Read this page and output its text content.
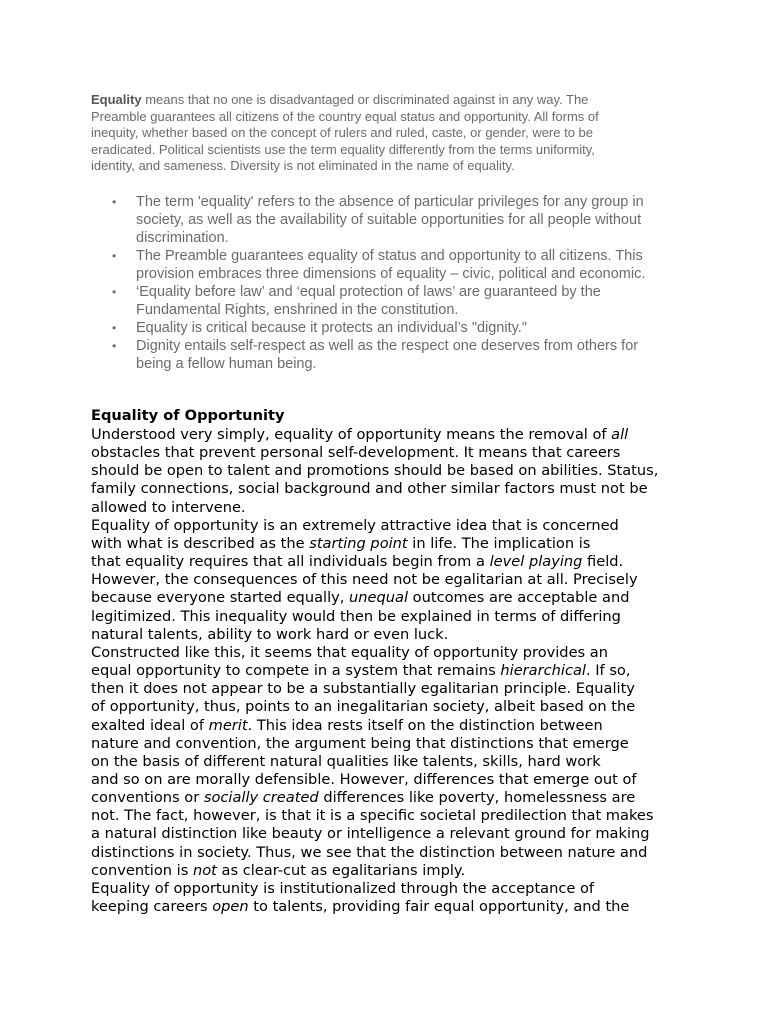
Equality means that no one is disadvantaged or discriminated against in any way. The
Preamble guarantees all citizens of the country equal status and opportunity. All forms of
inequity, whether based on the concept of rulers and ruled, caste, or gender, were to be
eradicated. Political scientists use the term equality differently from the terms uniformity,
identity, and sameness. Diversity is not eliminated in the name of equality.

• The term 'equality' refers to the absence of particular privileges for any group in
society, as well as the availability of suitable opportunities for all people without
discrimination.
• The Preamble guarantees equality of status and opportunity to all citizens. This
provision embraces three dimensions of equality – civic, political and economic.
• ‘Equality before law’ and ‘equal protection of laws’ are guaranteed by the
Fundamental Rights, enshrined in the constitution.
• Equality is critical because it protects an individual’s "dignity."
• Dignity entails self-respect as well as the respect one deserves from others for
being a fellow human being.
Equality of Opportunity

Understood very simply, equality of opportunity means the removal of all
obstacles that prevent personal self-development. It means that careers
should be open to talent and promotions should be based on abilities. Status,
family connections, social background and other similar factors must not be
allowed to intervene.

Equality of opportunity is an extremely attractive idea that is concerned
with what is described as the starting point in life. The implication is
that equality requires that all individuals begin from a level playing field.
However, the consequences of this need not be egalitarian at all. Precisely
because everyone started equally, unequal outcomes are acceptable and
legitimized. This inequality would then be explained in terms of differing
natural talents, ability to work hard or even luck.

Constructed like this, it seems that equality of opportunity provides an
equal opportunity to compete in a system that remains hierarchical. If so,
then it does not appear to be a substantially egalitarian principle. Equality
of opportunity, thus, points to an inegalitarian society, albeit based on the
exalted ideal of merit. This idea rests itself on the distinction between
nature and convention, the argument being that distinctions that emerge
on the basis of different natural qualities like talents, skills, hard work
and so on are morally defensible. However, differences that emerge out of
conventions or socially created differences like poverty, homelessness are
not. The fact, however, is that it is a specific societal predilection that makes
a natural distinction like beauty or intelligence a relevant ground for making
distinctions in society. Thus, we see that the distinction between nature and
convention is not as clear-cut as egalitarians imply.

Equality of opportunity is institutionalized through the acceptance of
keeping careers open to talents, providing fair equal opportunity, and the
